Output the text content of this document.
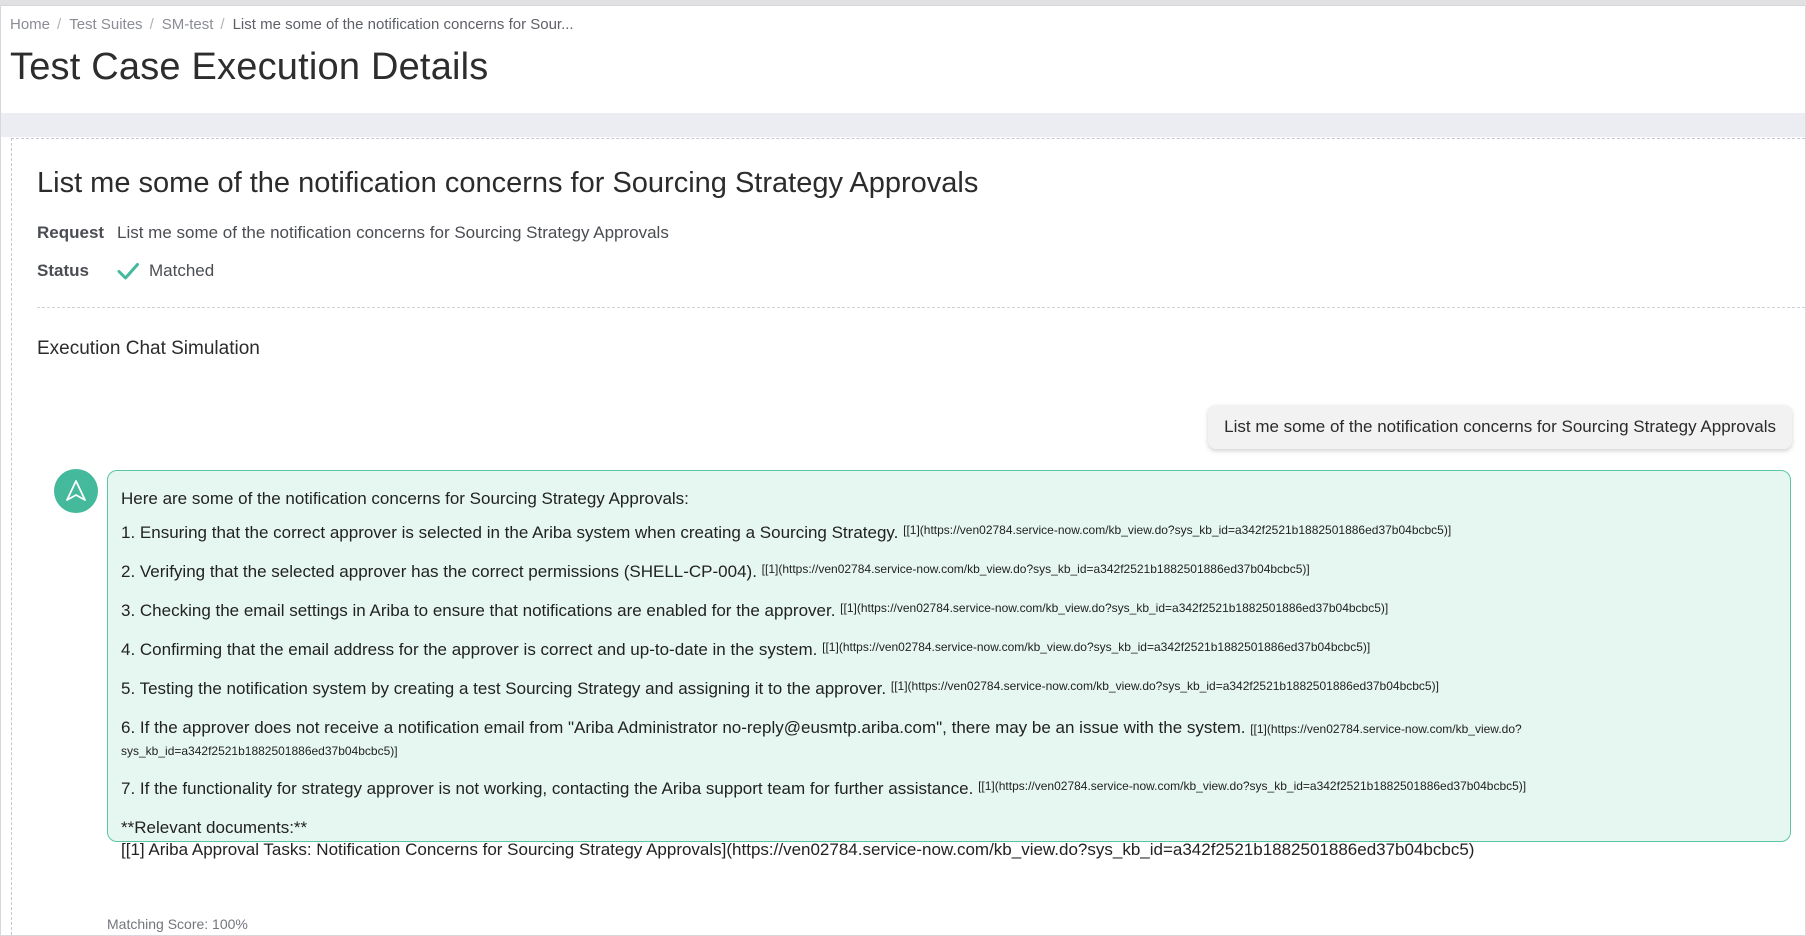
Home / Test Suites / SM-test / List me some of the notification concerns for Sour...
Test Case Execution Details
List me some of the notification concerns for Sourcing Strategy Approvals
Request List me some of the notification concerns for Sourcing Strategy Approvals
Status	Matched
Execution Chat Simulation
List me some of the notification concerns for Sourcing Strategy Approvals

Here are some of the notification concerns for Sourcing Strategy Approvals:

1. Ensuring that the correct approver is selected in the Ariba system when creating a Sourcing Strategy. [[1](https://ven02784.service-now.com/kb_view.do?sys_kb_id=a342f2521b1882501886ed37b04bcbc5)]

2. Verifying that the selected approver has the correct permissions (SHELL-CP-004). [[1](https://ven02784.service-now.com/kb_view.do?sys_kb_id=a342f2521b1882501886ed37b04bcbc5)]

3. Checking the email settings in Ariba to ensure that notifications are enabled for the approver. [[1](https://ven02784.service-now.com/kb_view.do?sys_kb_id=a342f2521b1882501886ed37b04bcbc5)]

4. Confirming that the email address for the approver is correct and up-to-date in the system. [[1](https://ven02784.service-now.com/kb_view.do?sys_kb_id=a342f2521b1882501886ed37b04bcbc5)]

5. Testing the notification system by creating a test Sourcing Strategy and assigning it to the approver. [[1](https://ven02784.service-now.com/kb_view.do?sys_kb_id=a342f2521b1882501886ed37b04bcbc5)]

6. If the approver does not receive a notification email from "Ariba Administrator no-reply@eusmtp.ariba.com", there may be an issue with the system. [[1](https://ven02784.service-now.com/kb_view.do?sys_kb_id=a342f2521b1882501886ed37b04bcbc5)]

7. If the functionality for strategy approver is not working, contacting the Ariba support team for further assistance. [[1](https://ven02784.service-now.com/kb_view.do?sys_kb_id=a342f2521b1882501886ed37b04bcbc5)]

**Relevant documents:**

[[1] Ariba Approval Tasks: Notification Concerns for Sourcing Strategy Approvals](https://ven02784.service-now.com/kb_view.do?sys_kb_id=a342f2521b1882501886ed37b04bcbc5)

Matching Score: 100%
